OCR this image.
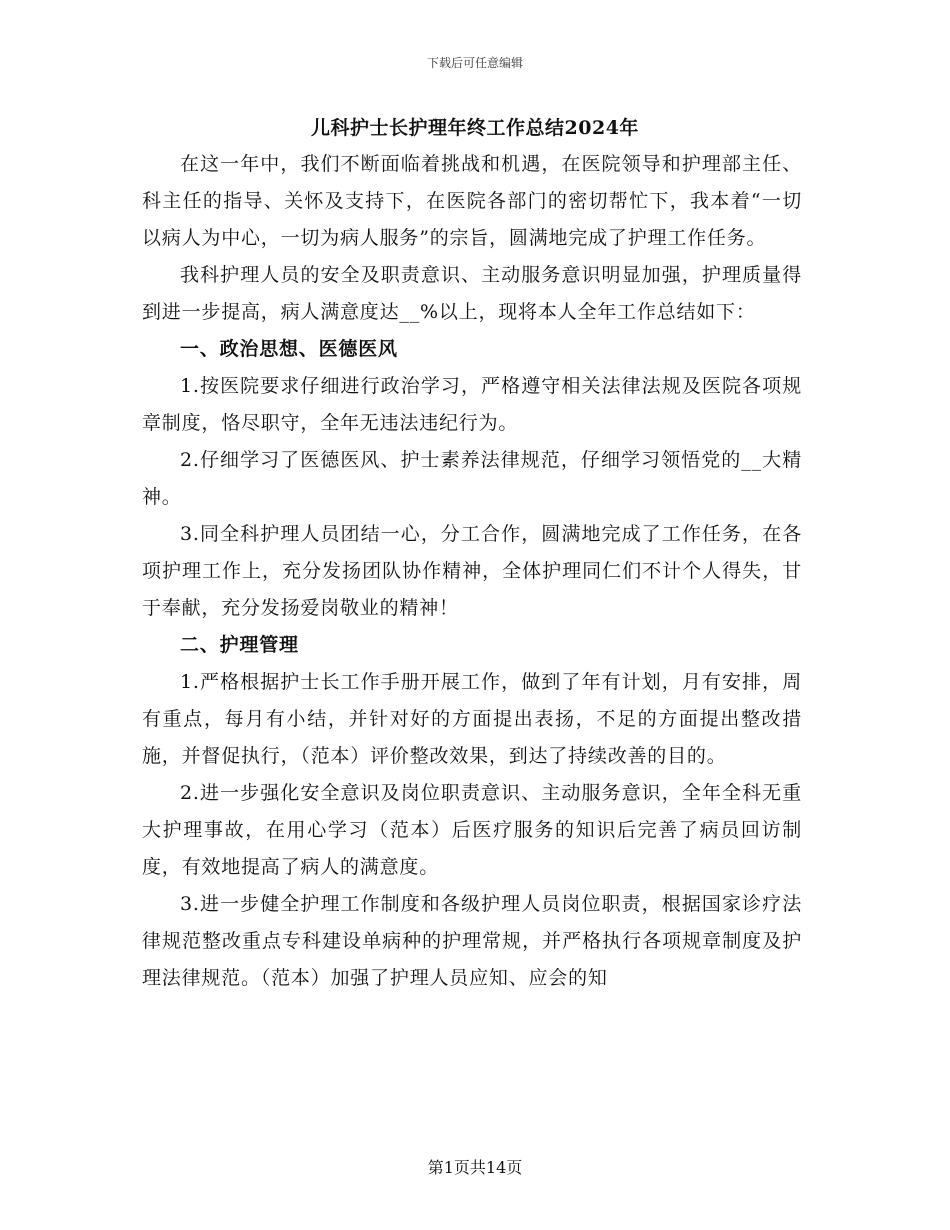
下载后可任意编辑
儿科护士长护理年终工作总结2024年

在这一年中，我们不断面临着挑战和机遇，在医院领导和护理部主任、科主任的指导、关怀及支持下，在医院各部门的密切帮忙下，我本着“一切以病人为中心，一切为病人服务”的宗旨，圆满地完成了护理工作任务。

我科护理人员的安全及职责意识、主动服务意识明显加强，护理质量得到进一步提高，病人满意度达__%以上，现将本人全年工作总结如下：

一、政治思想、医德医风

1.按医院要求仔细进行政治学习，严格遵守相关法律法规及医院各项规章制度，恪尽职守，全年无违法违纪行为。

2.仔细学习了医德医风、护士素养法律规范，仔细学习领悟党的__大精神。

3.同全科护理人员团结一心，分工合作，圆满地完成了工作任务，在各项护理工作上，充分发扬团队协作精神，全体护理同仁们不计个人得失，甘于奉献，充分发扬爱岗敬业的精神！

二、护理管理

1.严格根据护士长工作手册开展工作，做到了年有计划，月有安排，周有重点，每月有小结，并针对好的方面提出表扬，不足的方面提出整改措施，并督促执行，（范本）评价整改效果，到达了持续改善的目的。

2.进一步强化安全意识及岗位职责意识、主动服务意识，全年全科无重大护理事故，在用心学习（范本）后医疗服务的知识后完善了病员回访制度，有效地提高了病人的满意度。

3.进一步健全护理工作制度和各级护理人员岗位职责，根据国家诊疗法律规范整改重点专科建设单病种的护理常规，并严格执行各项规章制度及护理法律规范。（范本）加强了护理人员应知、应会的知

第1页共14页
